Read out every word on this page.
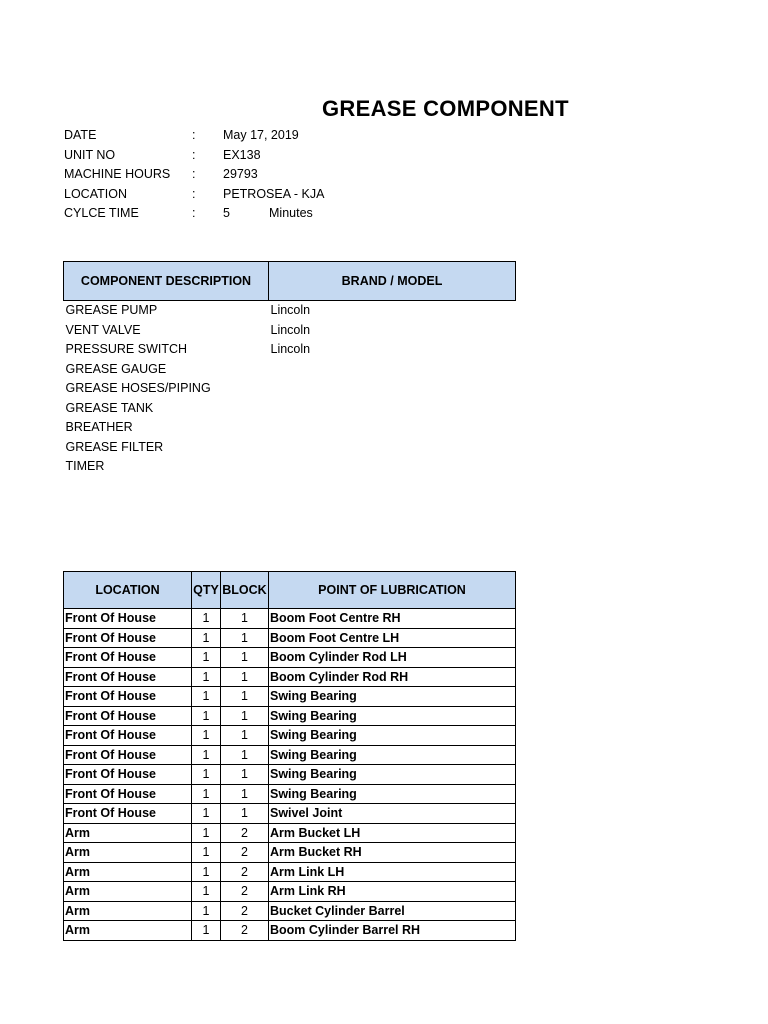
GREASE COMPONENT
DATE	: May 17, 2019
UNIT NO	: EX138
MACHINE HOURS	: 29793
LOCATION	: PETROSEA - KJA
CYLCE TIME	: 5	Minutes
COMPONENT DESCRIPTION	BRAND / MODEL
GREASE PUMP	Lincoln
VENT VALVE	Lincoln
PRESSURE SWITCH	Lincoln
GREASE GAUGE	
GREASE HOSES/PIPING	
GREASE TANK	
BREATHER	
GREASE FILTER	
TIMER	
LOCATION	QTY	BLOCK	POINT OF LUBRICATION
Front Of House	1	1	Boom Foot Centre RH
Front Of House	1	1	Boom Foot Centre LH
Front Of House	1	1	Boom Cylinder Rod LH
Front Of House	1	1	Boom Cylinder Rod RH
Front Of House	1	1	Swing Bearing
Front Of House	1	1	Swing Bearing
Front Of House	1	1	Swing Bearing
Front Of House	1	1	Swing Bearing
Front Of House	1	1	Swing Bearing
Front Of House	1	1	Swing Bearing
Front Of House	1	1	Swivel Joint
Arm	1	2	Arm Bucket LH
Arm	1	2	Arm Bucket RH
Arm	1	2	Arm Link LH
Arm	1	2	Arm Link RH
Arm	1	2	Bucket Cylinder Barrel
Arm	1	2	Boom Cylinder Barrel RH
